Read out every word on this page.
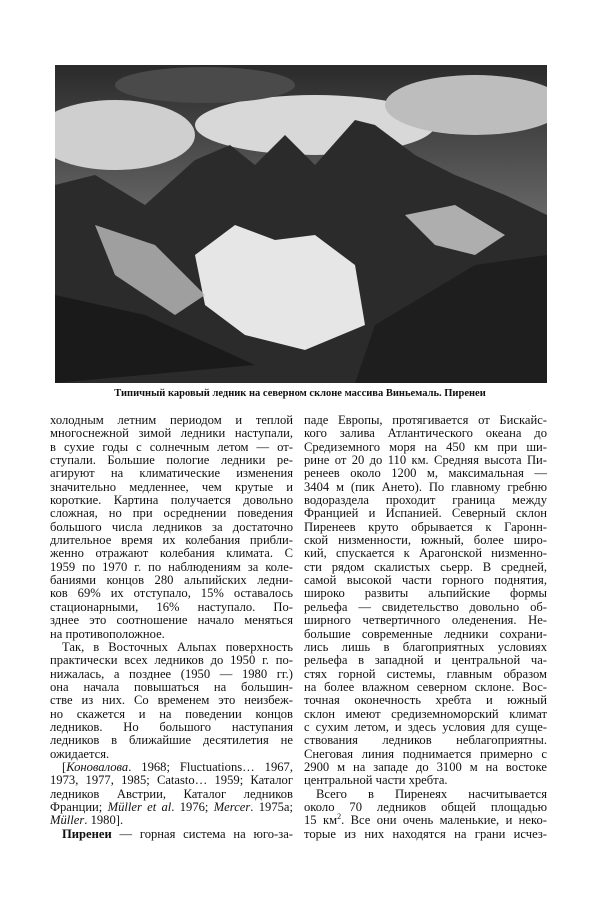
Типичный каровый ледник на северном склоне массива Виньемаль. Пиренеи
холодным летним периодом и теплой
многоснежной зимой ледники наступали,
в сухие годы с солнечным летом — от-
ступали. Большие пологие ледники ре-
агируют на климатические изменения
значительно медленнее, чем крутые и
короткие. Картина получается довольно
сложная, но при осреднении поведения
большого числа ледников за достаточно
длительное время их колебания прибли-
женно отражают колебания климата. С
1959 по 1970 г. по наблюдениям за коле-
баниями концов 280 альпийских ледни-
ков 69% их отступало, 15% оставалось
стационарными, 16% наступало. По-
зднее это соотношение начало меняться
на противоположное.
Так, в Восточных Альпах поверхность
практически всех ледников до 1950 г. по-
нижалась, а позднее (1950 — 1980 гг.)
она начала повышаться на большин-
стве из них. Со временем это неизбеж-
но скажется и на поведении концов
ледников. Но большого наступания
ледников в ближайшие десятилетия не
ожидается.
[Коновалова. 1968; Fluctuations… 1967,
1973, 1977, 1985; Catasto… 1959; Каталог
ледников Австрии, Каталог ледников
Франции; Müller et al. 1976; Mercer. 1975a;
Müller. 1980].
Пиренеи — горная система на юго-за-
паде Европы, протягивается от Бискайс-
кого залива Атлантического океана до
Средиземного моря на 450 км при ши-
рине от 20 до 110 км. Средняя высота Пи-
ренеев около 1200 м, максимальная —
3404 м (пик Ането). По главному гребню
водораздела проходит граница между
Францией и Испанией. Северный склон
Пиренеев круто обрывается к Гаронн-
ской низменности, южный, более широ-
кий, спускается к Арагонской низменно-
сти рядом скалистых сьерр. В средней,
самой высокой части горного поднятия,
широко развиты альпийские формы
рельефа — свидетельство довольно об-
ширного четвертичного оледенения. Не-
большие современные ледники сохрани-
лись лишь в благоприятных условиях
рельефа в западной и центральной ча-
стях горной системы, главным образом
на более влажном северном склоне. Вос-
точная оконечность хребта и южный
склон имеют средиземноморский климат
с сухим летом, и здесь условия для суще-
ствования ледников неблагоприятны.
Снеговая линия поднимается примерно с
2900 м на западе до 3100 м на востоке
центральной части хребта.
Всего в Пиренеях насчитывается
около 70 ледников общей площадью
15 $км^2$. Все они очень маленькие, и неко-
торые из них находятся на грани исчез-
